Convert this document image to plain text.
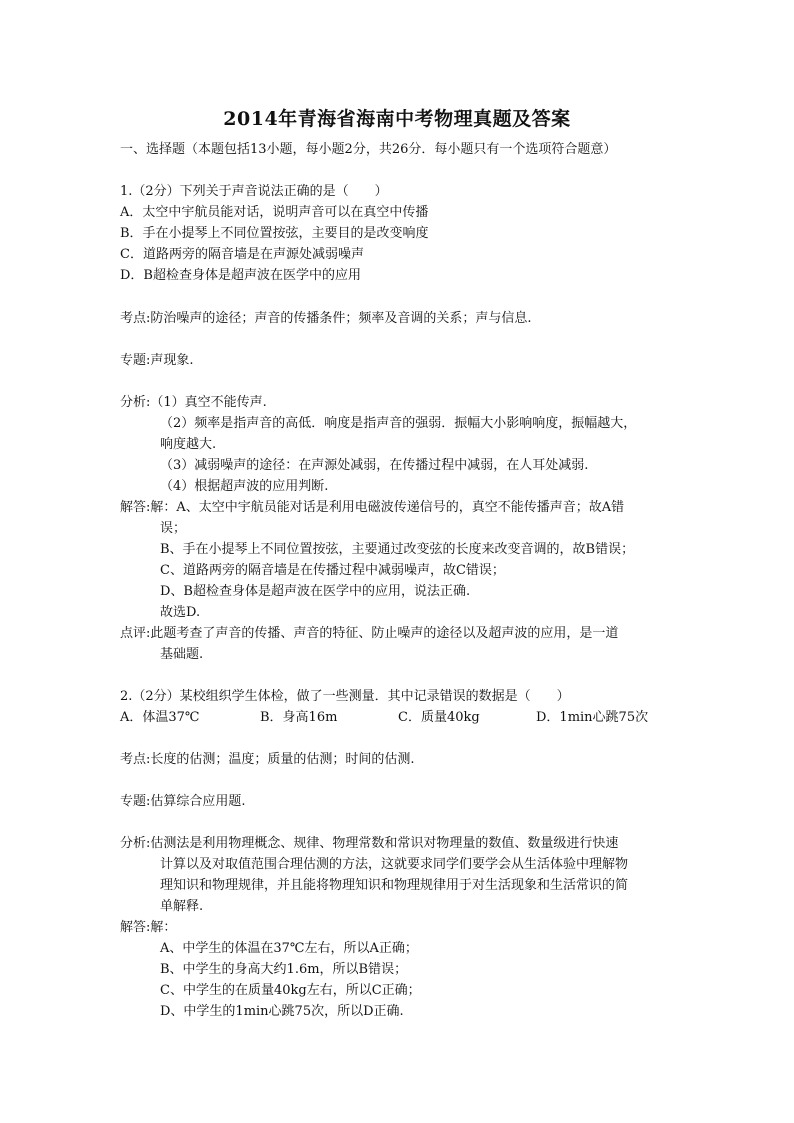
2014年青海省海南中考物理真题及答案
一、选择题（本题包括13小题，每小题2分，共26分．每小题只有一个选项符合题意）
1.（2分）下列关于声音说法正确的是（　　）
A．太空中宇航员能对话，说明声音可以在真空中传播
B．手在小提琴上不同位置按弦，主要目的是改变响度
C．道路两旁的隔音墙是在声源处减弱噪声
D．B超检查身体是超声波在医学中的应用
考点:防治噪声的途径；声音的传播条件；频率及音调的关系；声与信息.
专题:声现象.
分析:（1）真空不能传声.
（2）频率是指声音的高低．响度是指声音的强弱．振幅大小影响响度，振幅越大，
响度越大.
（3）减弱噪声的途径：在声源处减弱，在传播过程中减弱，在人耳处减弱.
（4）根据超声波的应用判断.
解答:解：A、太空中宇航员能对话是利用电磁波传递信号的，真空不能传播声音；故A错
误；
B、手在小提琴上不同位置按弦，主要通过改变弦的长度来改变音调的，故B错误；
C、道路两旁的隔音墙是在传播过程中减弱噪声，故C错误；
D、B超检查身体是超声波在医学中的应用，说法正确.
故选D.
点评:此题考查了声音的传播、声音的特征、防止噪声的途径以及超声波的应用，是一道
基础题.
2.（2分）某校组织学生体检，做了一些测量．其中记录错误的数据是（　　）
A．体温37℃	B．身高16m	C．质量40kg	D．1min心跳75次
考点:长度的估测；温度；质量的估测；时间的估测.
专题:估算综合应用题.
分析:估测法是利用物理概念、规律、物理常数和常识对物理量的数值、数量级进行快速
计算以及对取值范围合理估测的方法，这就要求同学们要学会从生活体验中理解物
理知识和物理规律，并且能将物理知识和物理规律用于对生活现象和生活常识的简
单解释.
解答:解：
A、中学生的体温在37℃左右，所以A正确；
B、中学生的身高大约1.6m，所以B错误；
C、中学生的在质量40kg左右，所以C正确；
D、中学生的1min心跳75次，所以D正确.
